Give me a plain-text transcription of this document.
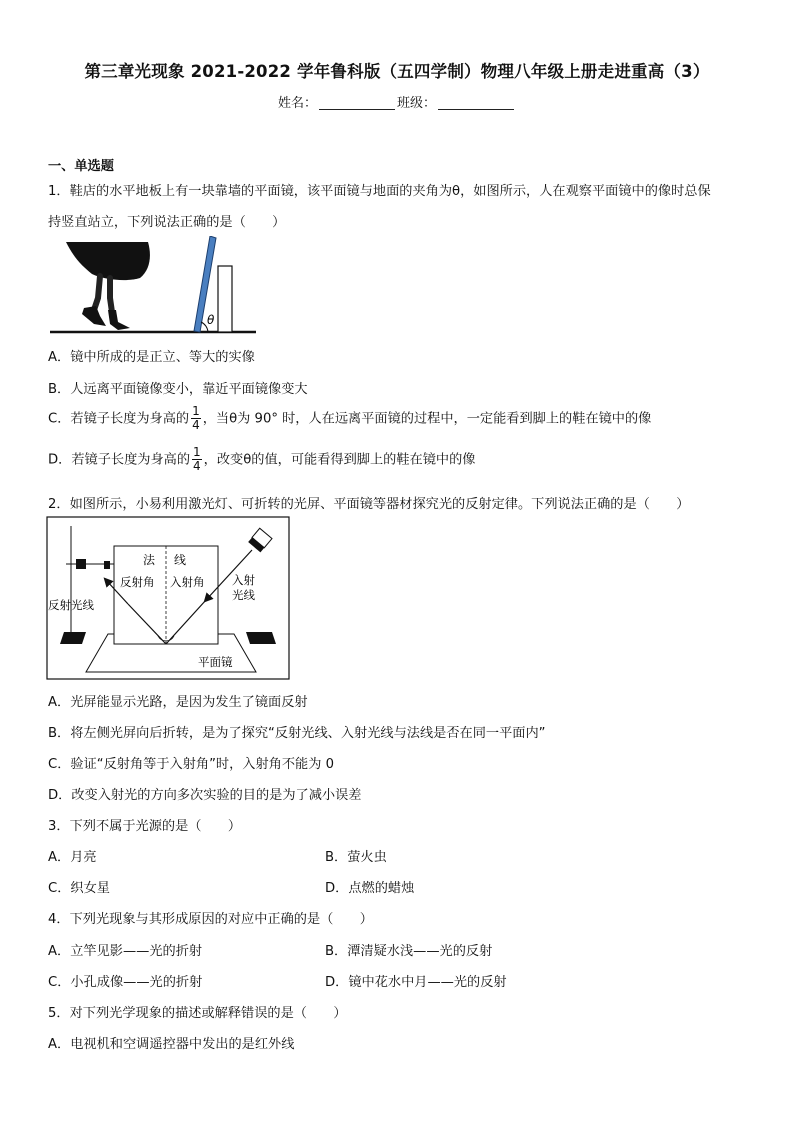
第三章光现象 2021-2022 学年鲁科版（五四学制）物理八年级上册走进重高（3）
姓名：	班级：
一、单选题
1．鞋店的水平地板上有一块靠墙的平面镜，该平面镜与地面的夹角为θ，如图所示，人在观察平面镜中的像时总保
持竖直站立，下列说法正确的是（　　）
θ
A．镜中所成的是正立、等大的实像
B．人远离平面镜像变小，靠近平面镜像变大
C．若镜子长度为身高的 $\frac{1}{4}$ ，当θ为 90° 时，人在远离平面镜的过程中，一定能看到脚上的鞋在镜中的像
D．若镜子长度为身高的 $\frac{1}{4}$ ，改变θ的值，可能看得到脚上的鞋在镜中的像
2．如图所示，小易利用激光灯、可折转的光屏、平面镜等器材探究光的反射定律。下列说法正确的是（　　）
法 线
反射角 入射角 入射
光线
反射光线
平面镜
A．光屏能显示光路，是因为发生了镜面反射
B．将左侧光屏向后折转，是为了探究“反射光线、入射光线与法线是否在同一平面内”
C．验证“反射角等于入射角”时，入射角不能为 0
D．改变入射光的方向多次实验的目的是为了减小误差
3．下列不属于光源的是（　　）
A．月亮	B．萤火虫
C．织女星	D．点燃的蜡烛
4．下列光现象与其形成原因的对应中正确的是（　　）
A．立竿见影——光的折射	B．潭清疑水浅——光的反射
C．小孔成像——光的折射	D．镜中花水中月——光的反射
5．对下列光学现象的描述或解释错误的是（　　）
A．电视机和空调遥控器中发出的是红外线
